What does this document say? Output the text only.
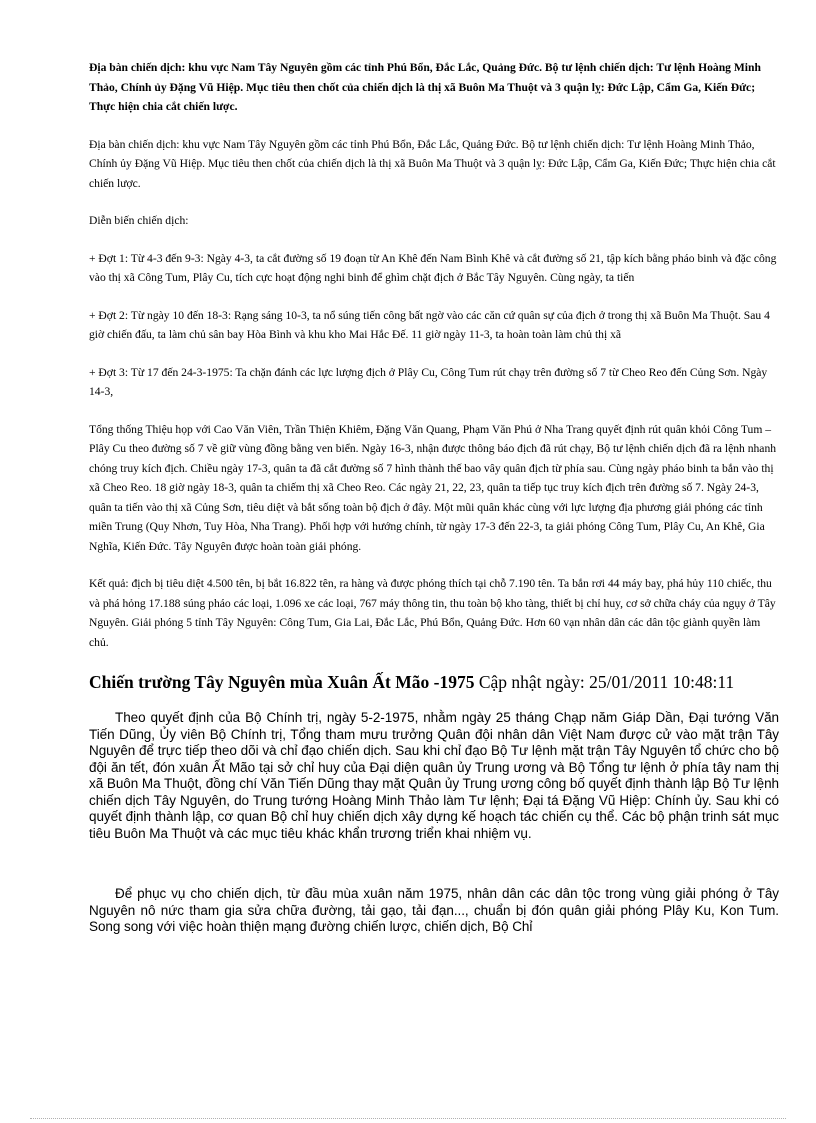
Địa bàn chiến dịch: khu vực Nam Tây Nguyên gồm các tỉnh Phú Bổn, Đắc Lắc, Quảng Đức. Bộ tư lệnh chiến dịch: Tư lệnh Hoàng Minh Thảo, Chính ủy Đặng Vũ Hiệp. Mục tiêu then chốt của chiến dịch là thị xã Buôn Ma Thuột và 3 quận lỵ: Đức Lập, Cẩm Ga, Kiến Đức; Thực hiện chia cắt chiến lược.

Địa bàn chiến dịch: khu vực Nam Tây Nguyên gồm các tỉnh Phú Bổn, Đắc Lắc, Quảng Đức. Bộ tư lệnh chiến dịch: Tư lệnh Hoàng Minh Thảo, Chính ủy Đặng Vũ Hiệp. Mục tiêu then chốt của chiến dịch là thị xã Buôn Ma Thuột và 3 quận lỵ: Đức Lập, Cẩm Ga, Kiến Đức; Thực hiện chia cắt chiến lược.

Diễn biến chiến dịch:

+ Đợt 1: Từ 4-3 đến 9-3: Ngày 4-3, ta cắt đường số 19 đoạn từ An Khê đến Nam Bình Khê và cắt đường số 21, tập kích bằng pháo binh và đặc công vào thị xã Công Tum, Plây Cu, tích cực hoạt động nghi binh để ghìm chặt địch ở Bắc Tây Nguyên. Cùng ngày, ta tiến

+ Đợt 2: Từ ngày 10 đến 18-3: Rạng sáng 10-3, ta nổ súng tiến công bất ngờ vào các căn cứ quân sự của địch ở trong thị xã Buôn Ma Thuột. Sau 4 giờ chiến đấu, ta làm chủ sân bay Hòa Bình và khu kho Mai Hắc Đế. 11 giờ ngày 11-3, ta hoàn toàn làm chủ thị xã

+ Đợt 3: Từ 17 đến 24-3-1975: Ta chặn đánh các lực lượng địch ở Plây Cu, Công Tum rút chạy trên đường số 7 từ Cheo Reo đến Củng Sơn. Ngày 14-3,

Tổng thống Thiệu họp với Cao Văn Viên, Trần Thiện Khiêm, Đặng Văn Quang, Phạm Văn Phú ở Nha Trang quyết định rút quân khỏi Công Tum – Plây Cu theo đường số 7 về giữ vùng đồng bằng ven biển. Ngày 16-3, nhận được thông báo địch đã rút chạy, Bộ tư lệnh chiến dịch đã ra lệnh nhanh chóng truy kích địch. Chiều ngày 17-3, quân ta đã cắt đường số 7 hình thành thế bao vây quân địch từ phía sau. Cùng ngày pháo binh ta bắn vào thị xã Cheo Reo. 18 giờ ngày 18-3, quân ta chiếm thị xã Cheo Reo. Các ngày 21, 22, 23, quân ta tiếp tục truy kích địch trên đường số 7. Ngày 24-3, quân ta tiến vào thị xã Củng Sơn, tiêu diệt và bắt sống toàn bộ địch ở đây. Một mũi quân khác cùng với lực lượng địa phương giải phóng các tỉnh miền Trung (Quy Nhơn, Tuy Hòa, Nha Trang). Phối hợp với hướng chính, từ ngày 17-3 đến 22-3, ta giải phóng Công Tum, Plây Cu, An Khê, Gia Nghĩa, Kiến Đức. Tây Nguyên được hoàn toàn giải phóng.

Kết quả: địch bị tiêu diệt 4.500 tên, bị bắt 16.822 tên, ra hàng và được phóng thích tại chỗ 7.190 tên. Ta bắn rơi 44 máy bay, phá hủy 110 chiếc, thu và phá hỏng 17.188 súng pháo các loại, 1.096 xe các loại, 767 máy thông tin, thu toàn bộ kho tàng, thiết bị chỉ huy, cơ sở chữa cháy của ngụy ở Tây Nguyên. Giải phóng 5 tỉnh Tây Nguyên: Công Tum, Gia Lai, Đắc Lắc, Phú Bổn, Quảng Đức. Hơn 60 vạn nhân dân các dân tộc giành quyền làm chủ.

Chiến trường Tây Nguyên mùa Xuân Ất Mão -1975 Cập nhật ngày: 25/01/2011 10:48:11

Theo quyết định của Bộ Chính trị, ngày 5-2-1975, nhằm ngày 25 tháng Chạp năm Giáp Dần, Đại tướng Văn Tiến Dũng, Ủy viên Bộ Chính trị, Tổng tham mưu trưởng Quân đội nhân dân Việt Nam được cử vào mặt trận Tây Nguyên để trực tiếp theo dõi và chỉ đạo chiến dịch. Sau khi chỉ đạo Bộ Tư lệnh mặt trận Tây Nguyên tổ chức cho bộ đội ăn tết, đón xuân Ất Mão tại sở chỉ huy của Đại diện quân ủy Trung ương và Bộ Tổng tư lệnh ở phía tây nam thị xã Buôn Ma Thuột, đồng chí Văn Tiến Dũng thay mặt Quân ủy Trung ương công bố quyết định thành lập Bộ Tư lệnh chiến dịch Tây Nguyên, do Trung tướng Hoàng Minh Thảo làm Tư lệnh; Đại tá Đặng Vũ Hiệp: Chính ủy. Sau khi có quyết định thành lập, cơ quan Bộ chỉ huy chiến dịch xây dựng kế hoạch tác chiến cụ thể. Các bộ phận trinh sát mục tiêu Buôn Ma Thuột và các mục tiêu khác khẩn trương triển khai nhiệm vụ.

Để phục vụ cho chiến dịch, từ đầu mùa xuân năm 1975, nhân dân các dân tộc trong vùng giải phóng ở Tây Nguyên nô nức tham gia sửa chữa đường, tải gạo, tải đạn..., chuẩn bị đón quân giải phóng Plây Ku, Kon Tum. Song song với việc hoàn thiện mạng đường chiến lược, chiến dịch, Bộ Chỉ
